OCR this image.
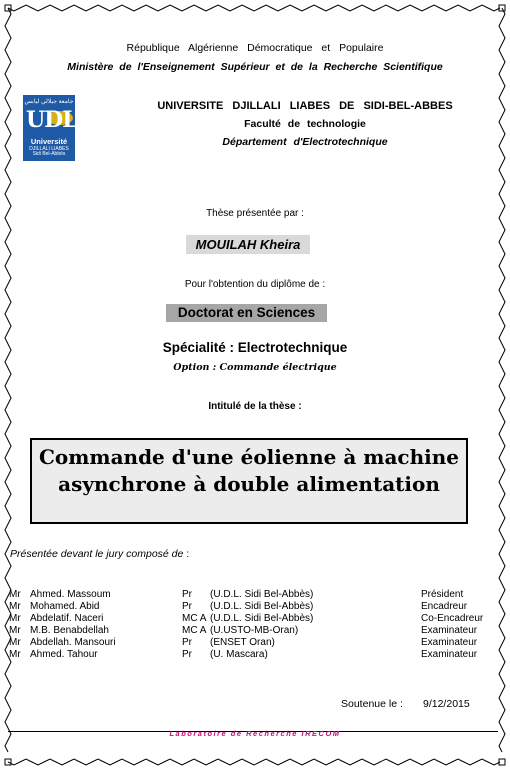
République Algérienne Démocratique et Populaire
Ministère de l'Enseignement Supérieur et de la Recherche Scientifique
جامعة جيلالي ليابس
UDL
Université
DJILLALI LIABES
Sidi Bel-Abbès
UNIVERSITE DJILLALI LIABES DE SIDI-BEL-ABBES
Faculté de technologie
Département d'Electrotechnique
Thèse présentée par :
MOUILAH Kheira
Pour l'obtention du diplôme de :
Doctorat en Sciences
Spécialité : Electrotechnique
Option : Commande électrique
Intitulé de la thèse :
Commande d'une éolienne à machine
asynchrone à double alimentation
Présentée devant le jury composé de :
Mr	Ahmed. Massoum	Pr	(U.D.L. Sidi Bel-Abbès)	Président
Mr	Mohamed. Abid	Pr	(U.D.L. Sidi Bel-Abbès)	Encadreur
Mr	Abdelatif. Naceri	MC A	(U.D.L. Sidi Bel-Abbès)	Co-Encadreur
Mr	M.B. Benabdellah	MC A	(U.USTO-MB-Oran)	Examinateur
Mr	Abdellah. Mansouri	Pr	(ENSET Oran)	Examinateur
Mr	Ahmed. Tahour	Pr	(U. Mascara)	Examinateur
Soutenue le : 9/12/2015
Laboratoire de Recherche IRECOM
